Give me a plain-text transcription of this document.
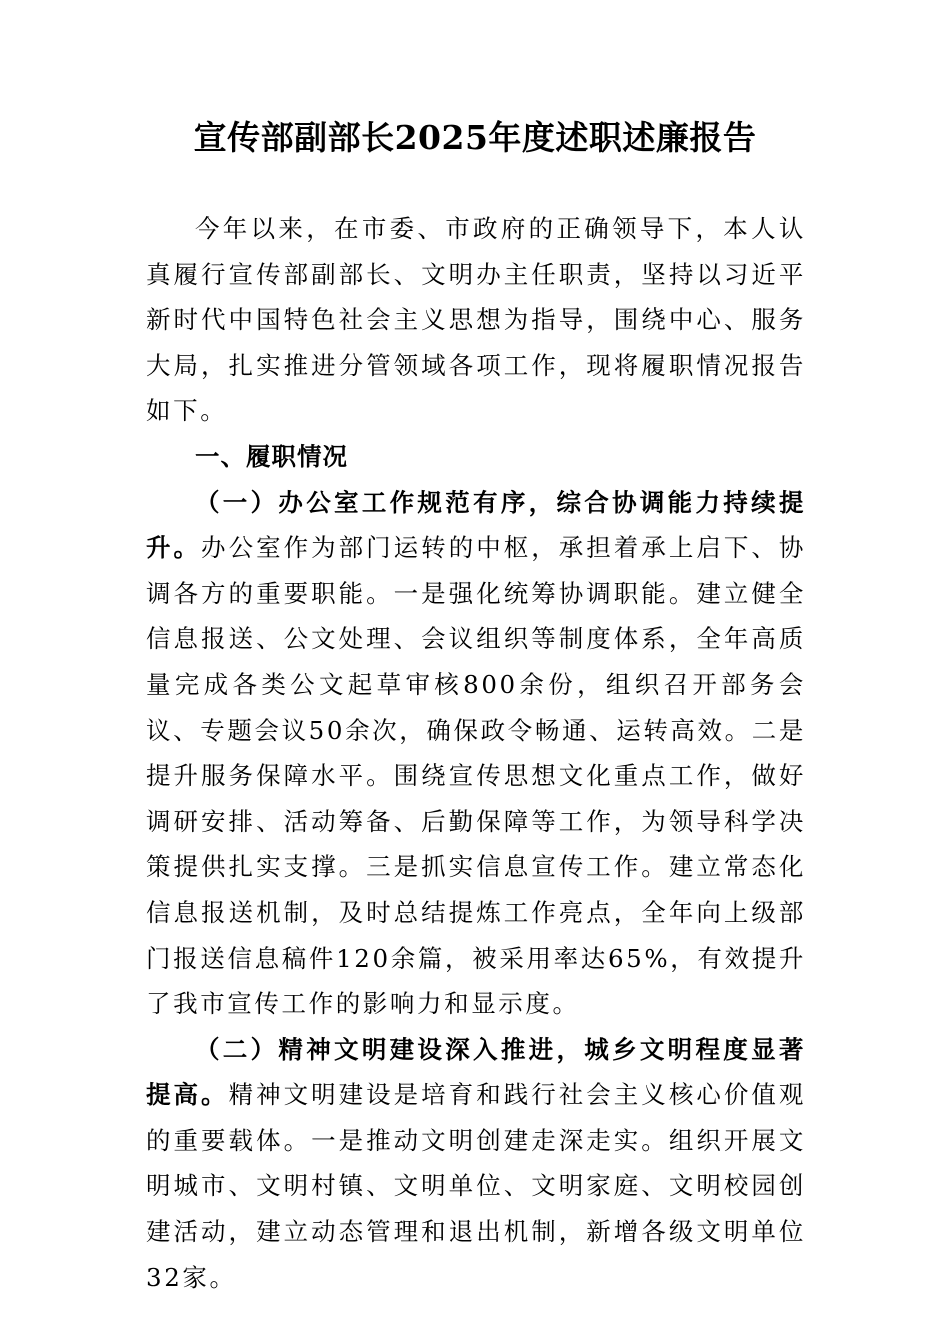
宣传部副部长2025年度述职述廉报告

今年以来，在市委、市政府的正确领导下，本人认真履行宣传部副部长、文明办主任职责，坚持以习近平新时代中国特色社会主义思想为指导，围绕中心、服务大局，扎实推进分管领域各项工作，现将履职情况报告如下。

一、履职情况

（一）办公室工作规范有序，综合协调能力持续提升。办公室作为部门运转的中枢，承担着承上启下、协调各方的重要职能。一是强化统筹协调职能。建立健全信息报送、公文处理、会议组织等制度体系，全年高质量完成各类公文起草审核800余份，组织召开部务会议、专题会议50余次，确保政令畅通、运转高效。二是提升服务保障水平。围绕宣传思想文化重点工作，做好调研安排、活动筹备、后勤保障等工作，为领导科学决策提供扎实支撑。三是抓实信息宣传工作。建立常态化信息报送机制，及时总结提炼工作亮点，全年向上级部门报送信息稿件120余篇，被采用率达65%，有效提升了我市宣传工作的影响力和显示度。

（二）精神文明建设深入推进，城乡文明程度显著提高。精神文明建设是培育和践行社会主义核心价值观的重要载体。一是推动文明创建走深走实。组织开展文明城市、文明村镇、文明单位、文明家庭、文明校园创建活动，建立动态管理和退出机制，新增各级文明单位32家。
